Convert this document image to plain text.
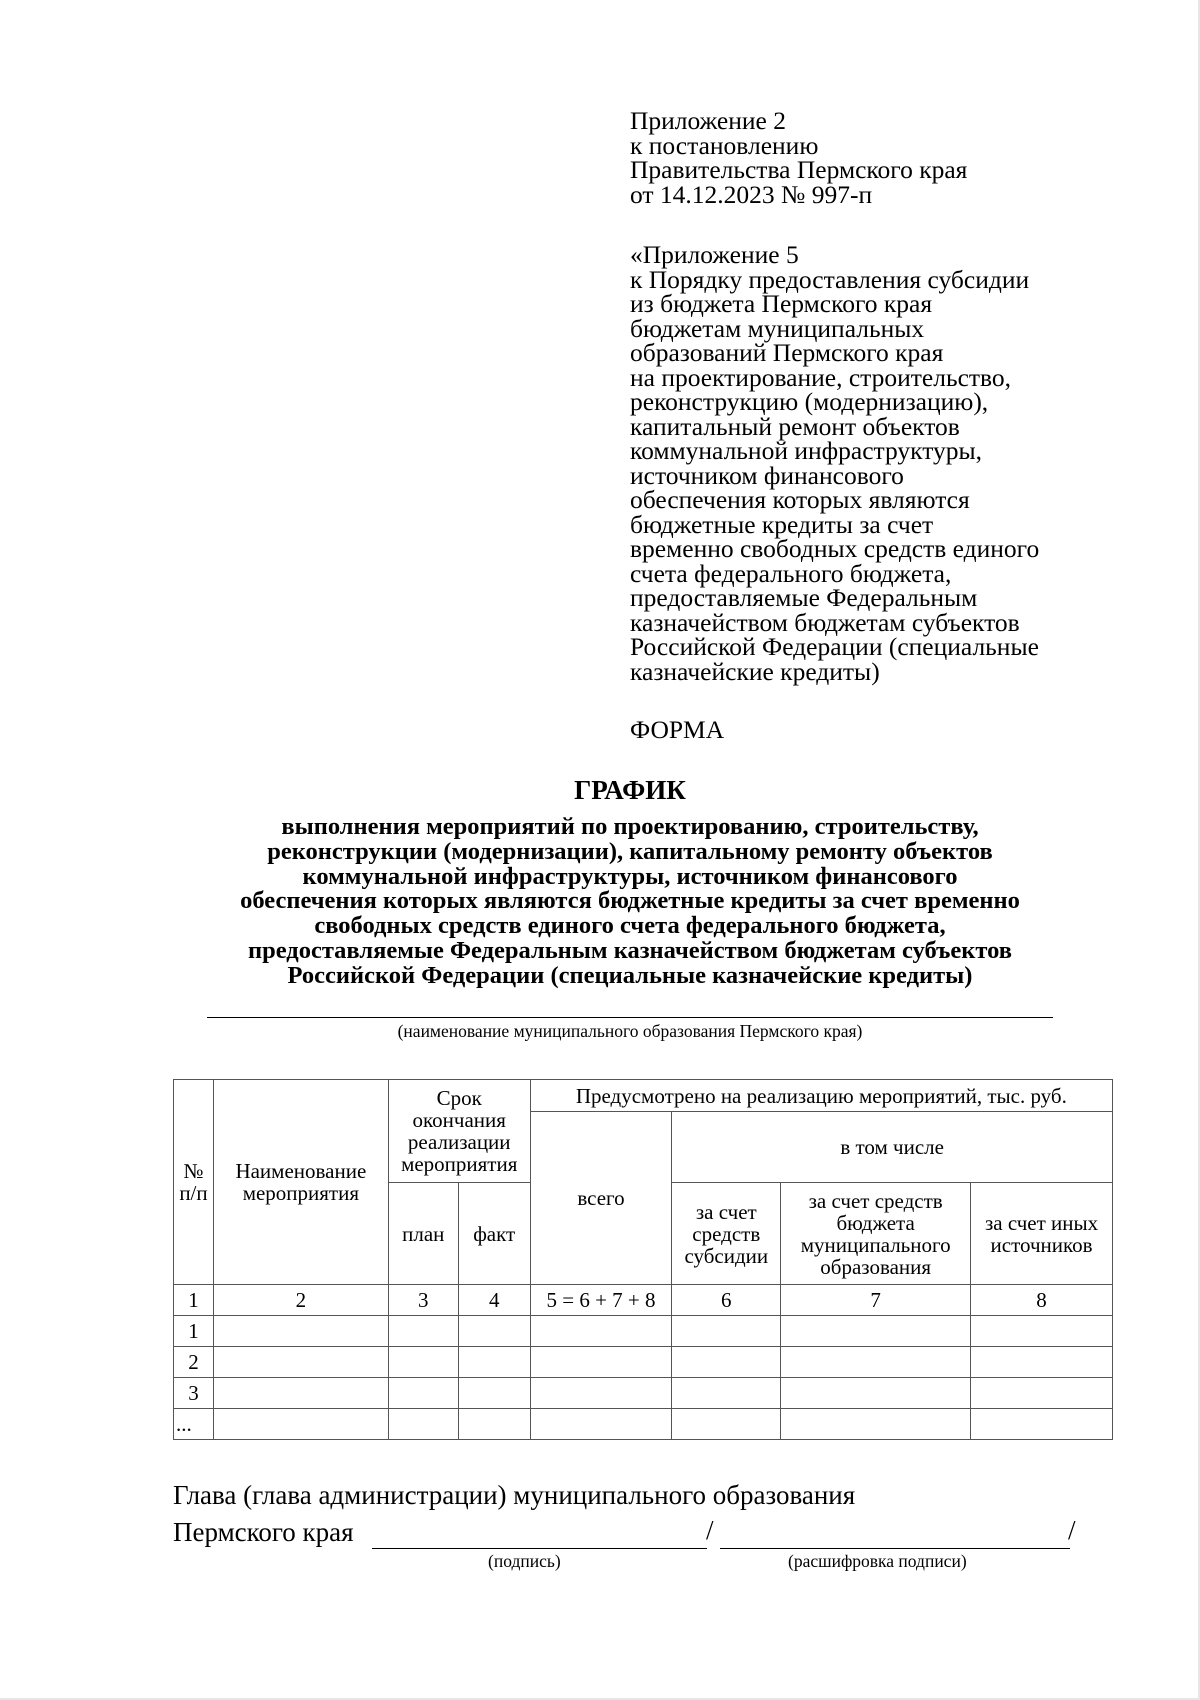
Приложение 2
к постановлению
Правительства Пермского края
от 14.12.2023 № 997-п
«Приложение 5
к Порядку предоставления субсидии
из бюджета Пермского края
бюджетам муниципальных
образований Пермского края
на проектирование, строительство,
реконструкцию (модернизацию),
капитальный ремонт объектов
коммунальной инфраструктуры,
источником финансового
обеспечения которых являются
бюджетные кредиты за счет
временно свободных средств единого
счета федерального бюджета,
предоставляемые Федеральным
казначейством бюджетам субъектов
Российской Федерации (специальные
казначейские кредиты)
ФОРМА
ГРАФИК
выполнения мероприятий по проектированию, строительству,
реконструкции (модернизации), капитальному ремонту объектов
коммунальной инфраструктуры, источником финансового
обеспечения которых являются бюджетные кредиты за счет временно
свободных средств единого счета федерального бюджета,
предоставляемые Федеральным казначейством бюджетам субъектов
Российской Федерации (специальные казначейские кредиты)
(наименование муниципального образования Пермского края)
№ п/п	Наименование мероприятия	Срок окончания реализации мероприятия		Предусмотрено на реализацию мероприятий, тыс. руб.			
				всего	в том числе		
		план	факт		за счет средств субсидии	за счет средств бюджета муниципального образования	за счет иных источников
1	2	3	4	5 = 6 + 7 + 8	6	7	8
1							
2							
3							
...							
Глава (глава администрации) муниципального образования
Пермского края	/	/
(подпись)	(расшифровка подписи)
